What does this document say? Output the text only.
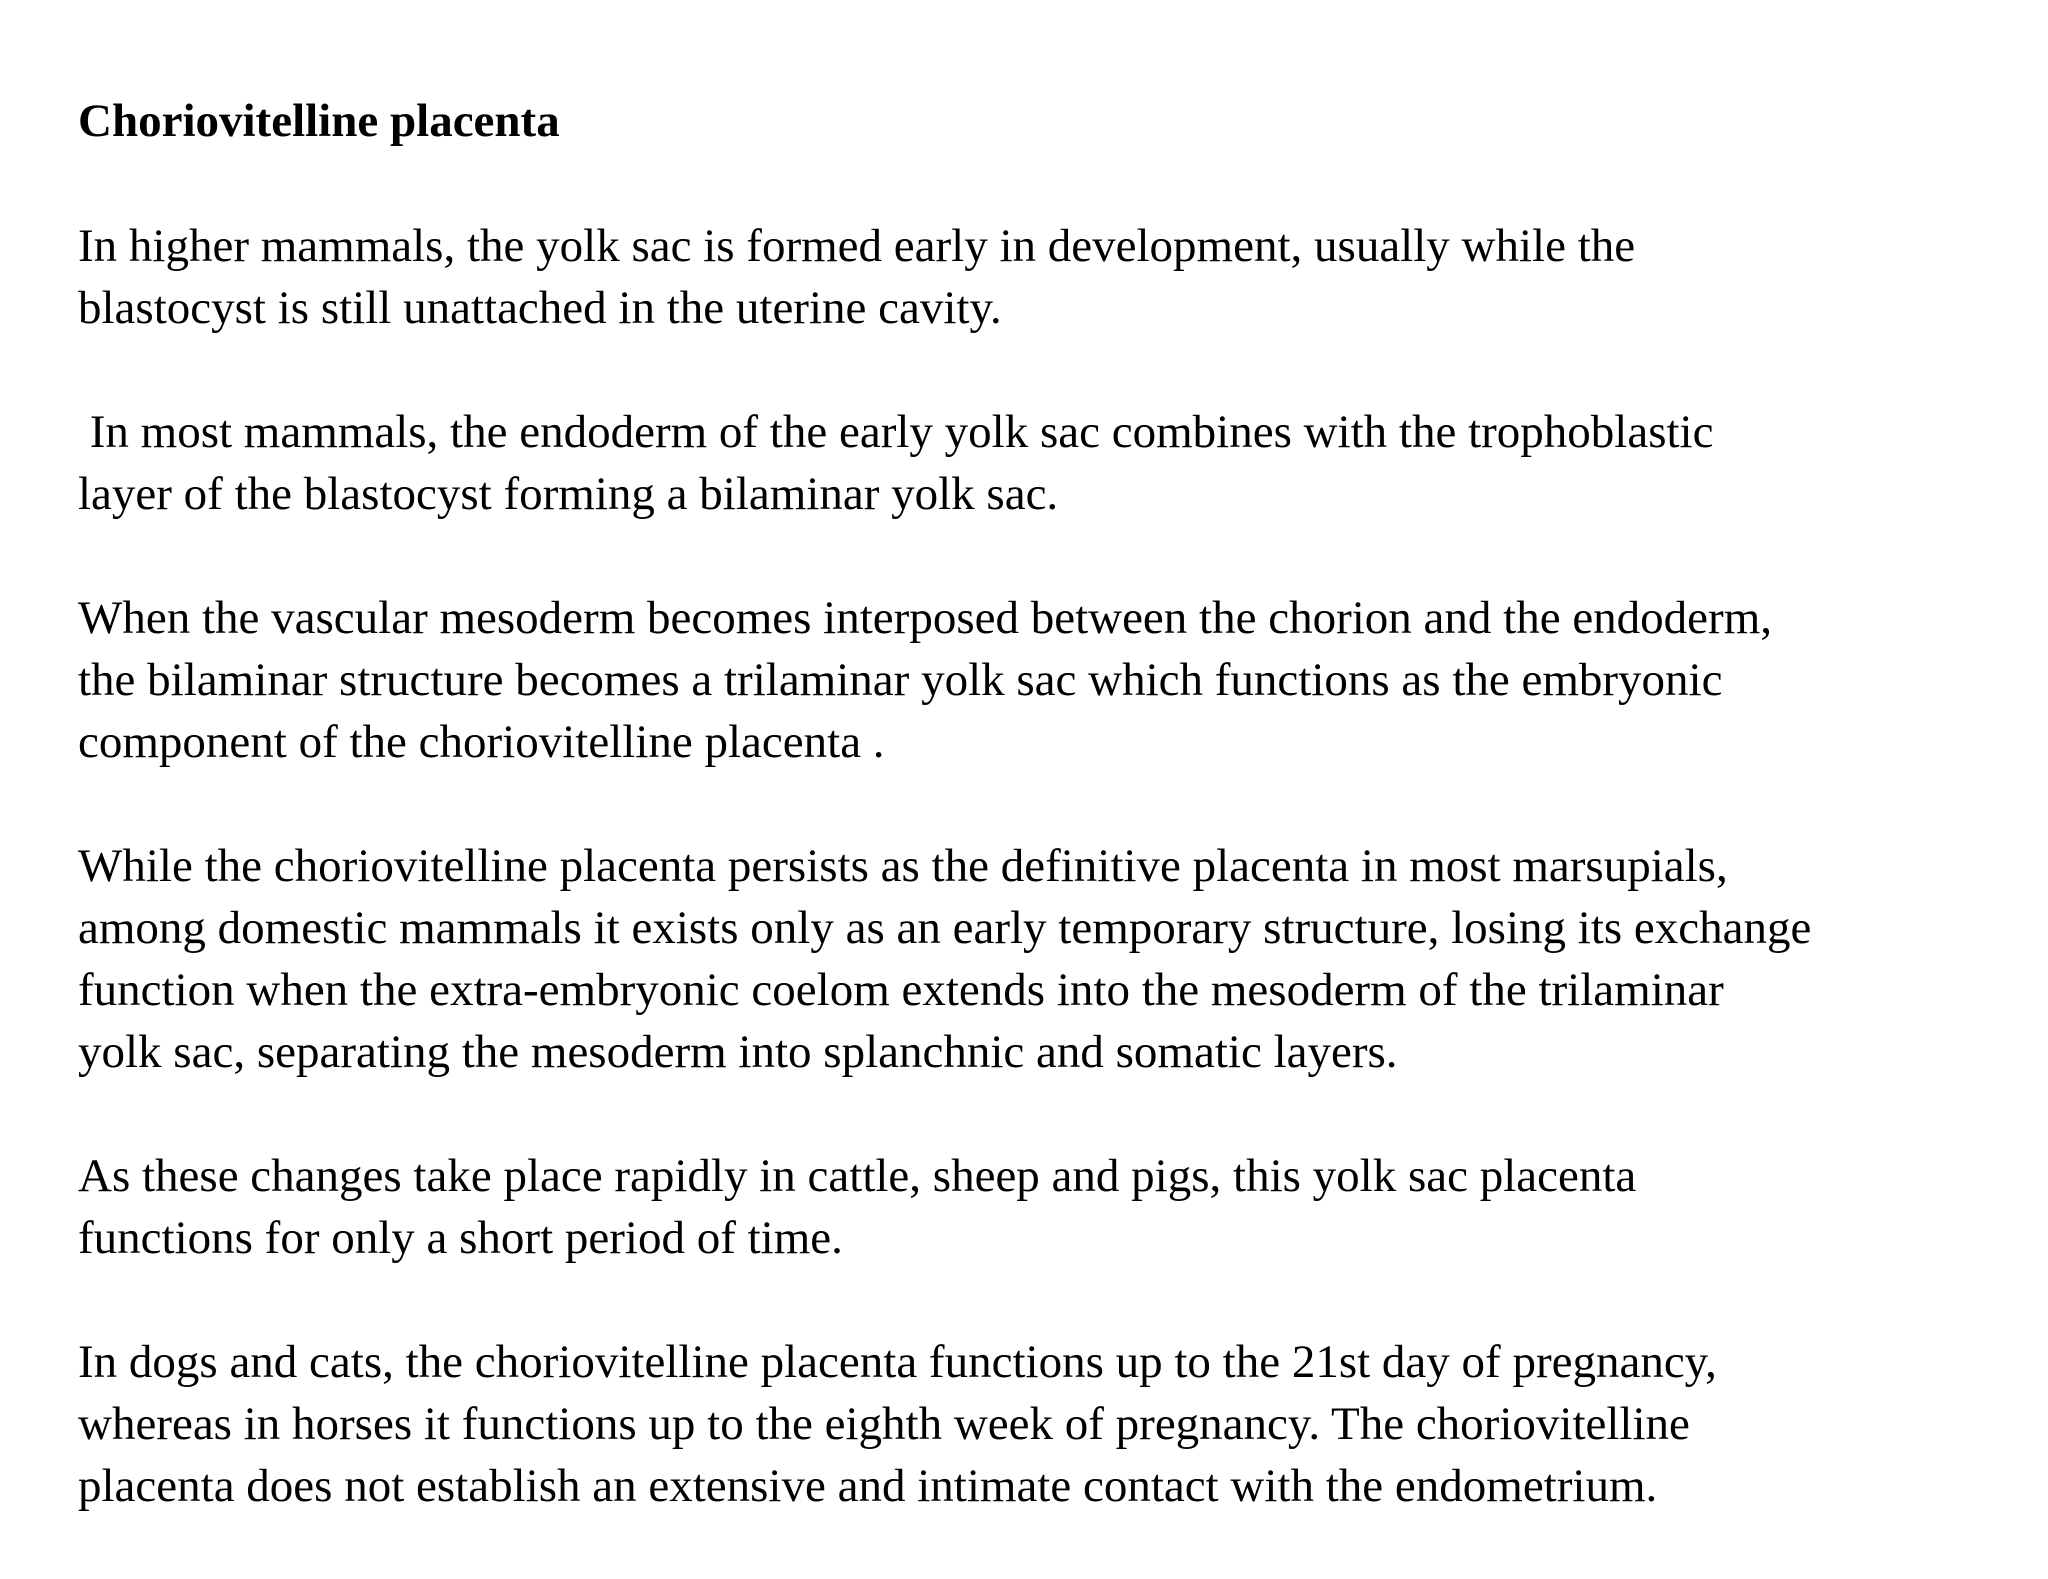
Choriovitelline placenta
In higher mammals, the yolk sac is formed early in development, usually while the
blastocyst is still unattached in the uterine cavity.
In most mammals, the endoderm of the early yolk sac combines with the trophoblastic
layer of the blastocyst forming a bilaminar yolk sac.
When the vascular mesoderm becomes interposed between the chorion and the endoderm,
the bilaminar structure becomes a trilaminar yolk sac which functions as the embryonic
component of the choriovitelline placenta .
While the choriovitelline placenta persists as the definitive placenta in most marsupials,
among domestic mammals it exists only as an early temporary structure, losing its exchange
function when the extra-embryonic coelom extends into the mesoderm of the trilaminar
yolk sac, separating the mesoderm into splanchnic and somatic layers.
As these changes take place rapidly in cattle, sheep and pigs, this yolk sac placenta
functions for only a short period of time.
In dogs and cats, the choriovitelline placenta functions up to the 21st day of pregnancy,
whereas in horses it functions up to the eighth week of pregnancy. The choriovitelline
placenta does not establish an extensive and intimate contact with the endometrium.
